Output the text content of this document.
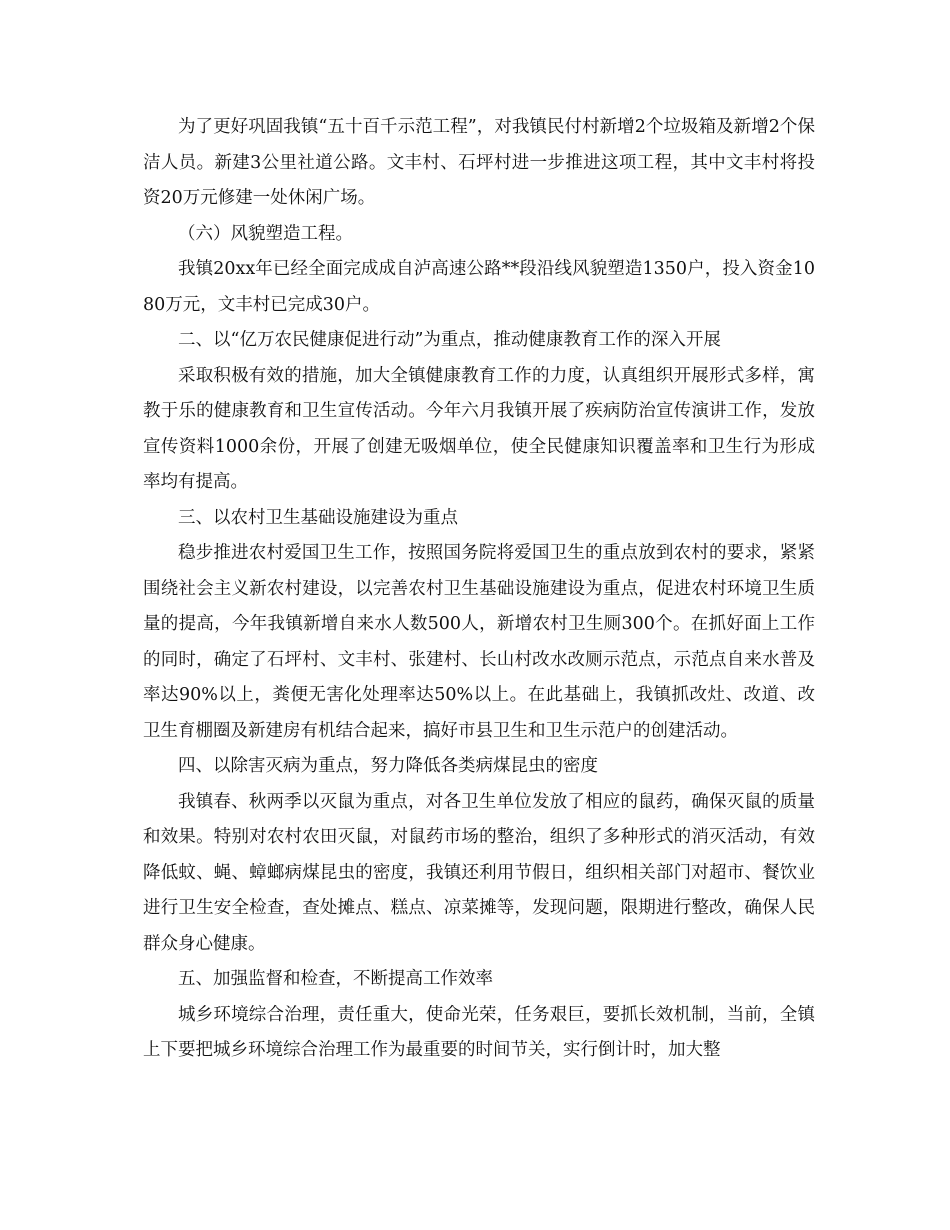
为了更好巩固我镇“五十百千示范工程”，对我镇民付村新增2个垃圾箱及新增2个保洁人员。新建3公里社道公路。文丰村、石坪村进一步推进这项工程，其中文丰村将投资20万元修建一处休闲广场。

（六）风貌塑造工程。

我镇20xx年已经全面完成成自泸高速公路**段沿线风貌塑造1350户，投入资金1080万元，文丰村已完成30户。

二、以“亿万农民健康促进行动”为重点，推动健康教育工作的深入开展

采取积极有效的措施，加大全镇健康教育工作的力度，认真组织开展形式多样，寓教于乐的健康教育和卫生宣传活动。今年六月我镇开展了疾病防治宣传演讲工作，发放宣传资料1000余份，开展了创建无吸烟单位，使全民健康知识覆盖率和卫生行为形成率均有提高。

三、以农村卫生基础设施建设为重点

稳步推进农村爱国卫生工作，按照国务院将爱国卫生的重点放到农村的要求，紧紧围绕社会主义新农村建设，以完善农村卫生基础设施建设为重点，促进农村环境卫生质量的提高，今年我镇新增自来水人数500人，新增农村卫生厕300个。在抓好面上工作的同时，确定了石坪村、文丰村、张建村、长山村改水改厕示范点，示范点自来水普及率达90%以上，粪便无害化处理率达50%以上。在此基础上，我镇抓改灶、改道、改卫生育棚圈及新建房有机结合起来，搞好市县卫生和卫生示范户的创建活动。

四、以除害灭病为重点，努力降低各类病煤昆虫的密度

我镇春、秋两季以灭鼠为重点，对各卫生单位发放了相应的鼠药，确保灭鼠的质量和效果。特别对农村农田灭鼠，对鼠药市场的整治，组织了多种形式的消灭活动，有效降低蚊、蝇、蟑螂病煤昆虫的密度，我镇还利用节假日，组织相关部门对超市、餐饮业进行卫生安全检查，查处摊点、糕点、凉菜摊等，发现问题，限期进行整改，确保人民群众身心健康。

五、加强监督和检查，不断提高工作效率

城乡环境综合治理，责任重大，使命光荣，任务艰巨，要抓长效机制，当前，全镇上下要把城乡环境综合治理工作为最重要的时间节关，实行倒计时，加大整
